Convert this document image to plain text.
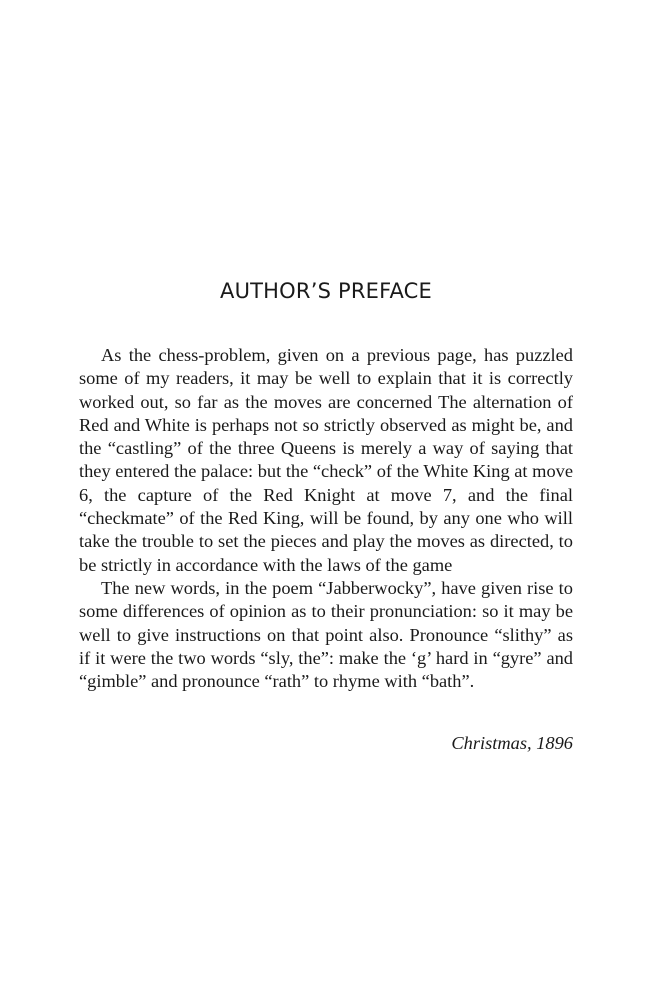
AUTHOR’S PREFACE

As the chess-problem, given on a previous page, has puzzled some of my readers, it may be well to explain that it is correctly worked out, so far as the moves are concerned The alternation of Red and White is perhaps not so strictly observed as might be, and the “castling” of the three Queens is merely a way of saying that they entered the palace: but the “check” of the White King at move 6, the capture of the Red Knight at move 7, and the final “checkmate” of the Red King, will be found, by any one who will take the trouble to set the pieces and play the moves as directed, to be strictly in accordance with the laws of the game

The new words, in the poem “Jabberwocky”, have given rise to some differences of opinion as to their pronunciation: so it may be well to give instructions on that point also. Pronounce “slithy” as if it were the two words “sly, the”: make the ‘g’ hard in “gyre” and “gimble” and pronounce “rath” to rhyme with “bath”.

Christmas, 1896
